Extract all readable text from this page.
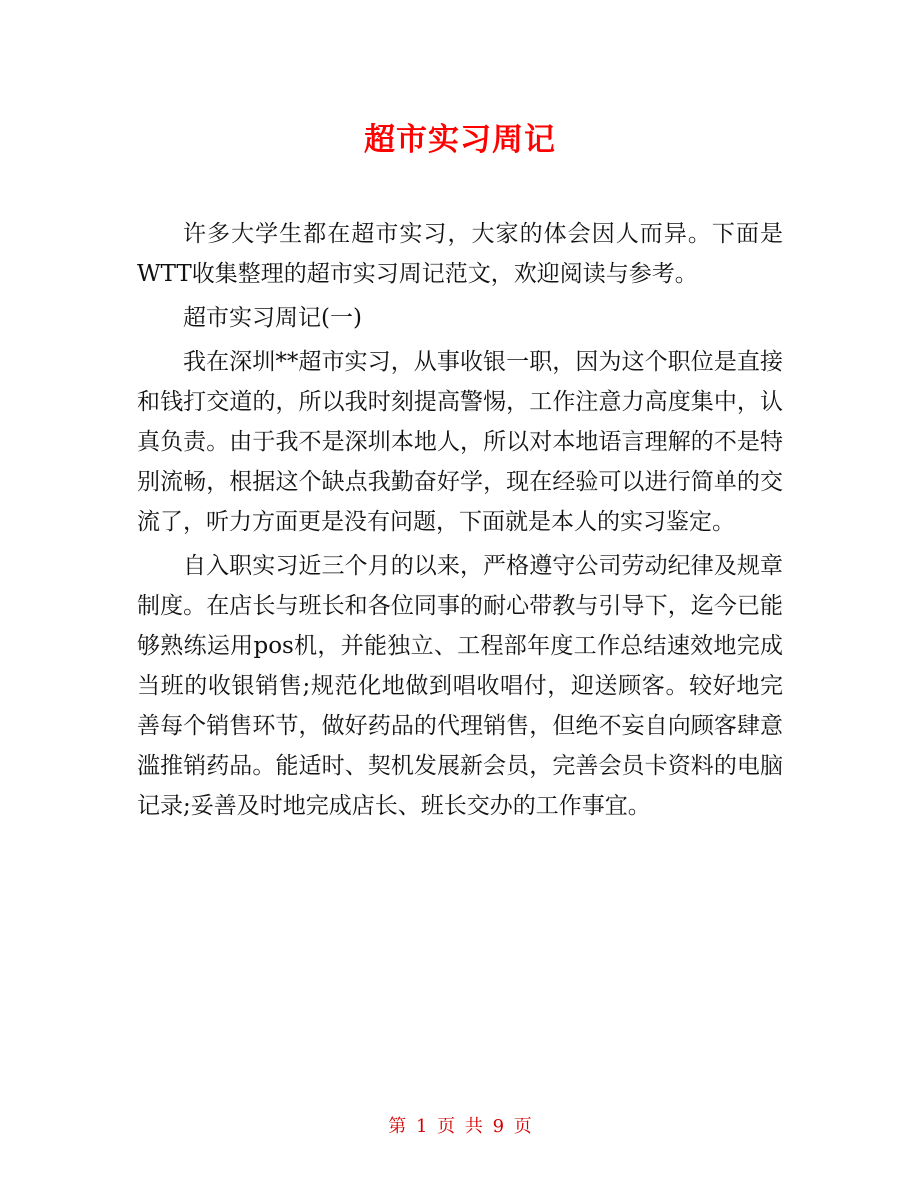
超市实习周记

许多大学生都在超市实习，大家的体会因人而异。下面是WTT收集整理的超市实习周记范文，欢迎阅读与参考。

超市实习周记(一)

我在深圳**超市实习，从事收银一职，因为这个职位是直接和钱打交道的，所以我时刻提高警惕，工作注意力高度集中，认真负责。由于我不是深圳本地人，所以对本地语言理解的不是特别流畅，根据这个缺点我勤奋好学，现在经验可以进行简单的交流了，听力方面更是没有问题，下面就是本人的实习鉴定。

自入职实习近三个月的以来，严格遵守公司劳动纪律及规章制度。在店长与班长和各位同事的耐心带教与引导下，迄今已能够熟练运用pos机，并能独立、工程部年度工作总结速效地完成当班的收银销售;规范化地做到唱收唱付，迎送顾客。较好地完善每个销售环节，做好药品的代理销售，但绝不妄自向顾客肆意滥推销药品。能适时、契机发展新会员，完善会员卡资料的电脑记录;妥善及时地完成店长、班长交办的工作事宜。

第 1 页 共 9 页
